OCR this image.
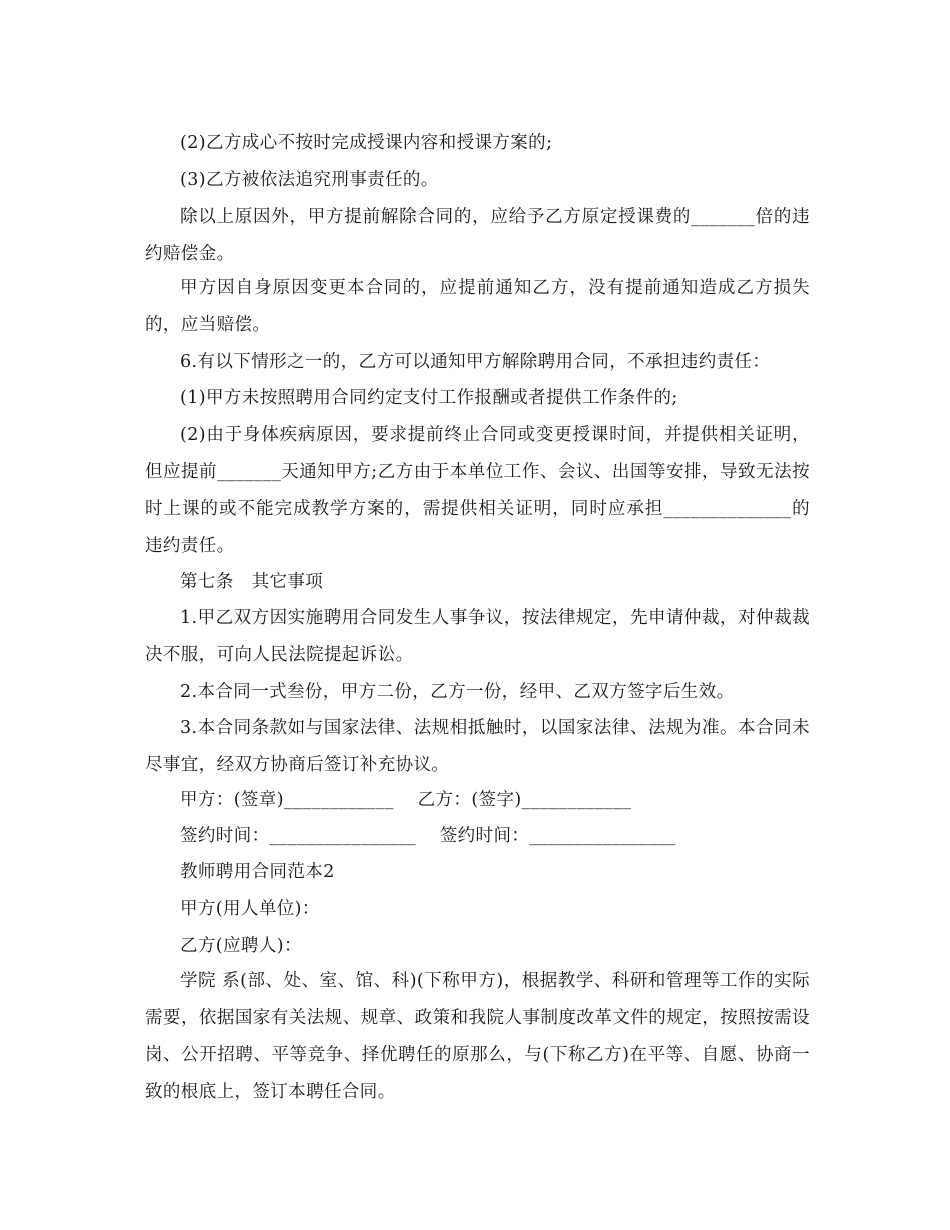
(2)乙方成心不按时完成授课内容和授课方案的;

(3)乙方被依法追究刑事责任的。

除以上原因外，甲方提前解除合同的，应给予乙方原定授课费的_______倍的违约赔偿金。

甲方因自身原因变更本合同的，应提前通知乙方，没有提前通知造成乙方损失的，应当赔偿。

6.有以下情形之一的，乙方可以通知甲方解除聘用合同，不承担违约责任：

(1)甲方未按照聘用合同约定支付工作报酬或者提供工作条件的;

(2)由于身体疾病原因，要求提前终止合同或变更授课时间，并提供相关证明，但应提前_______天通知甲方;乙方由于本单位工作、会议、出国等安排，导致无法按时上课的或不能完成教学方案的，需提供相关证明，同时应承担______________的违约责任。

第七条　其它事项

1.甲乙双方因实施聘用合同发生人事争议，按法律规定，先申请仲裁，对仲裁裁决不服，可向人民法院提起诉讼。

2.本合同一式叁份，甲方二份，乙方一份，经甲、乙双方签字后生效。

3.本合同条款如与国家法律、法规相抵触时，以国家法律、法规为准。本合同未尽事宜，经双方协商后签订补充协议。

甲方：(签章)____________　 乙方：(签字)____________
签约时间：________________　 签约时间：________________

教师聘用合同范本2

甲方(用人单位)：

乙方(应聘人)：

学院 系(部、处、室、馆、科)(下称甲方)，根据教学、科研和管理等工作的实际需要，依据国家有关法规、规章、政策和我院人事制度改革文件的规定，按照按需设岗、公开招聘、平等竞争、择优聘任的原那么，与(下称乙方)在平等、自愿、协商一致的根底上，签订本聘任合同。
